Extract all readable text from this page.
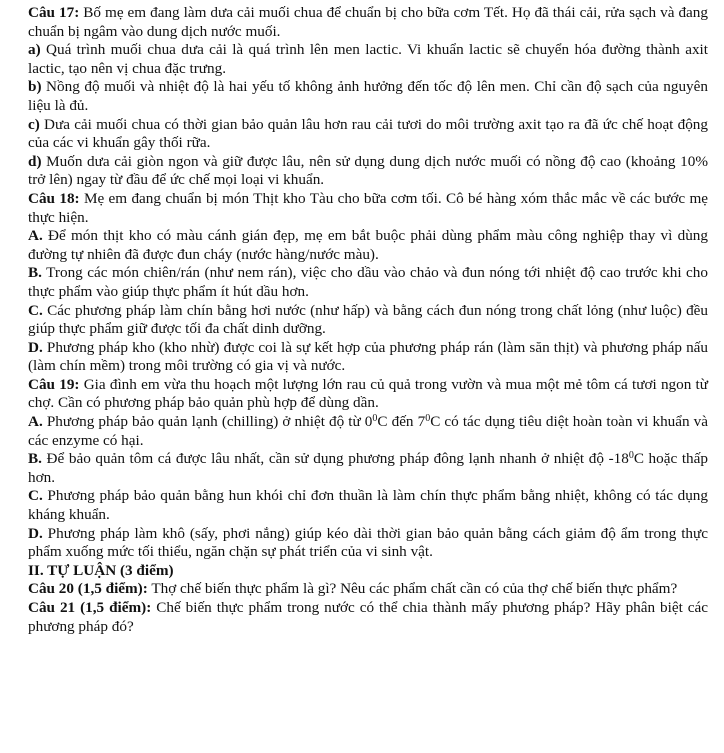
Câu 17: Bố mẹ em đang làm dưa cải muối chua để chuẩn bị cho bữa cơm Tết. Họ đã thái cải, rửa sạch và đang chuẩn bị ngâm vào dung dịch nước muối.

a) Quá trình muối chua dưa cải là quá trình lên men lactic. Vi khuẩn lactic sẽ chuyển hóa đường thành axit lactic, tạo nên vị chua đặc trưng.

b) Nồng độ muối và nhiệt độ là hai yếu tố không ảnh hưởng đến tốc độ lên men. Chỉ cần độ sạch của nguyên liệu là đủ.

c) Dưa cải muối chua có thời gian bảo quản lâu hơn rau cải tươi do môi trường axit tạo ra đã ức chế hoạt động của các vi khuẩn gây thối rữa.

d) Muốn dưa cải giòn ngon và giữ được lâu, nên sử dụng dung dịch nước muối có nồng độ cao (khoảng 10% trở lên) ngay từ đầu để ức chế mọi loại vi khuẩn.

Câu 18: Mẹ em đang chuẩn bị món Thịt kho Tàu cho bữa cơm tối. Cô bé hàng xóm thắc mắc về các bước mẹ thực hiện.

A. Để món thịt kho có màu cánh gián đẹp, mẹ em bắt buộc phải dùng phẩm màu công nghiệp thay vì dùng đường tự nhiên đã được đun cháy (nước hàng/nước màu).

B. Trong các món chiên/rán (như nem rán), việc cho dầu vào chảo và đun nóng tới nhiệt độ cao trước khi cho thực phẩm vào giúp thực phẩm ít hút dầu hơn.

C. Các phương pháp làm chín bằng hơi nước (như hấp) và bằng cách đun nóng trong chất lỏng (như luộc) đều giúp thực phẩm giữ được tối đa chất dinh dưỡng.

D. Phương pháp kho (kho nhừ) được coi là sự kết hợp của phương pháp rán (làm săn thịt) và phương pháp nấu (làm chín mềm) trong môi trường có gia vị và nước.

Câu 19: Gia đình em vừa thu hoạch một lượng lớn rau củ quả trong vườn và mua một mẻ tôm cá tươi ngon từ chợ. Cần có phương pháp bảo quản phù hợp để dùng dần.

A. Phương pháp bảo quản lạnh (chilling) ở nhiệt độ từ $0^0C$ đến $7^0C$ có tác dụng tiêu diệt hoàn toàn vi khuẩn và các enzyme có hại.

B. Để bảo quản tôm cá được lâu nhất, cần sử dụng phương pháp đông lạnh nhanh ở nhiệt độ $-18^0C$ hoặc thấp hơn.

C. Phương pháp bảo quản bằng hun khói chỉ đơn thuần là làm chín thực phẩm bằng nhiệt, không có tác dụng kháng khuẩn.

D. Phương pháp làm khô (sấy, phơi nắng) giúp kéo dài thời gian bảo quản bằng cách giảm độ ẩm trong thực phẩm xuống mức tối thiểu, ngăn chặn sự phát triển của vi sinh vật.

II. TỰ LUẬN (3 điểm)

Câu 20 (1,5 điểm): Thợ chế biến thực phẩm là gì? Nêu các phẩm chất cần có của thợ chế biến thực phẩm?

Câu 21 (1,5 điểm): Chế biến thực phẩm trong nước có thể chia thành mấy phương pháp? Hãy phân biệt các phương pháp đó?
